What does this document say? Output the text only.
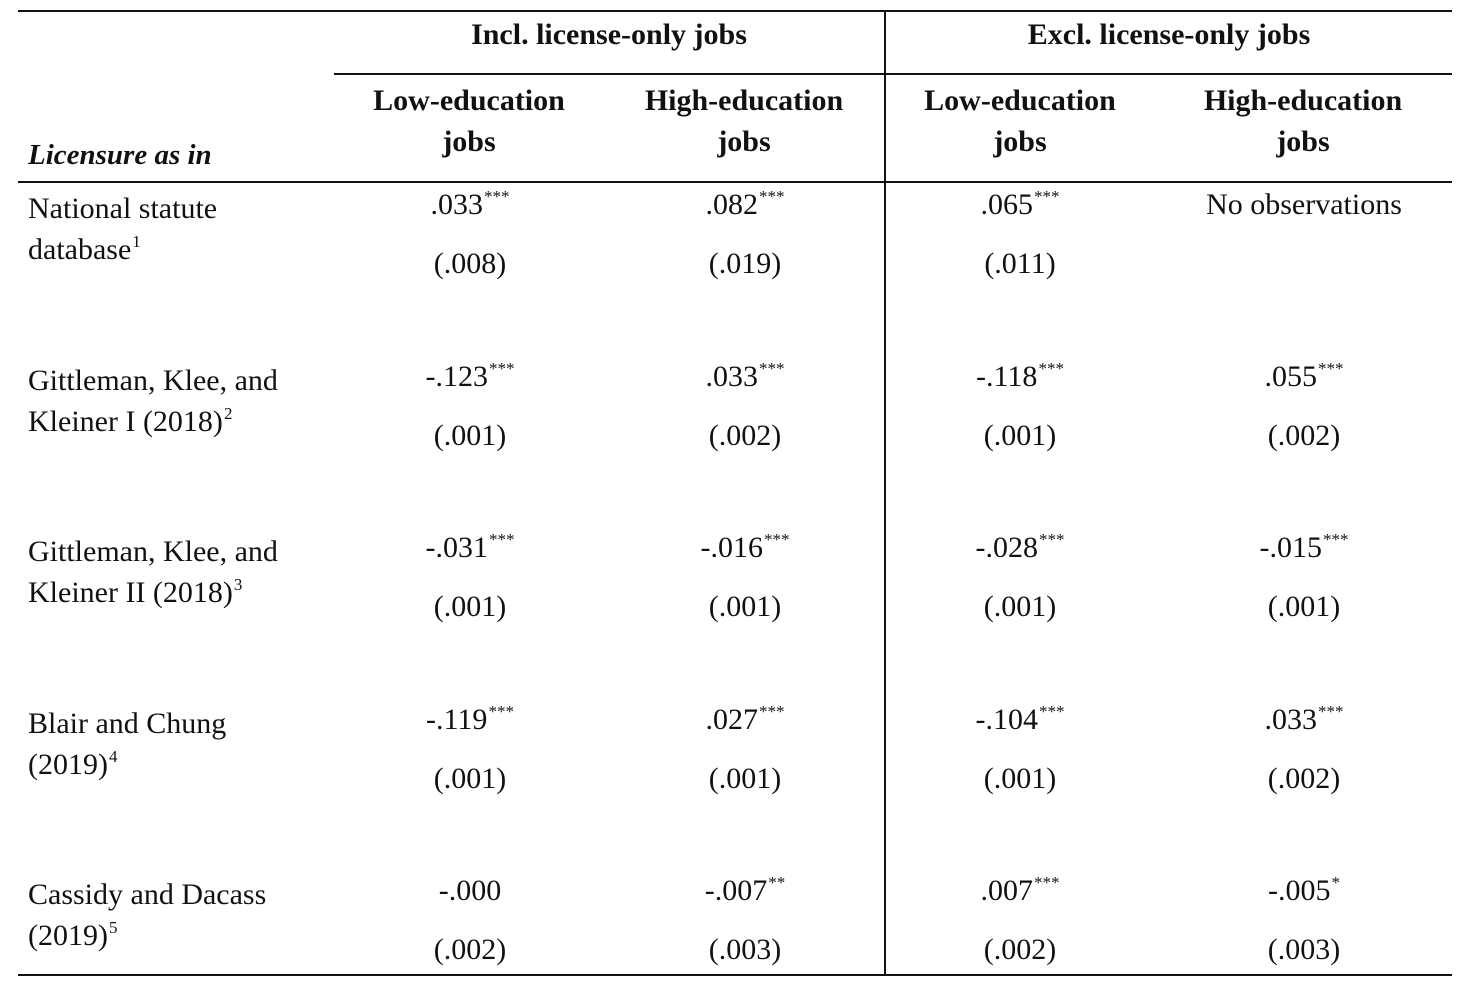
Incl. license-only jobs	Excl. license-only jobs
Low-education
jobs
High-education
jobs
Low-education
jobs
High-education
jobs
Licensure as in
National statute
database$^1$
.033***
(.008)
.082***
(.019)
.065***
(.011)
No observations
Gittleman, Klee, and
Kleiner I $(2018)^2$
-.123***
(.001)
.033***
(.002)
-.118***
(.001)
.055***
(.002)
Gittleman, Klee, and
Kleiner II $(2018)^3$
-.031***
(.001)
-.016***
(.001)
-.028***
(.001)
-.015***
(.001)
Blair and Chung
$(2019)^4$
-.119***
(.001)
.027***
(.001)
-.104***
(.001)
.033***
(.002)
Cassidy and Dacass
$(2019)^5$
-.000
(.002)
-.007**
(.003)
.007***
(.002)
-.005*
(.003)
